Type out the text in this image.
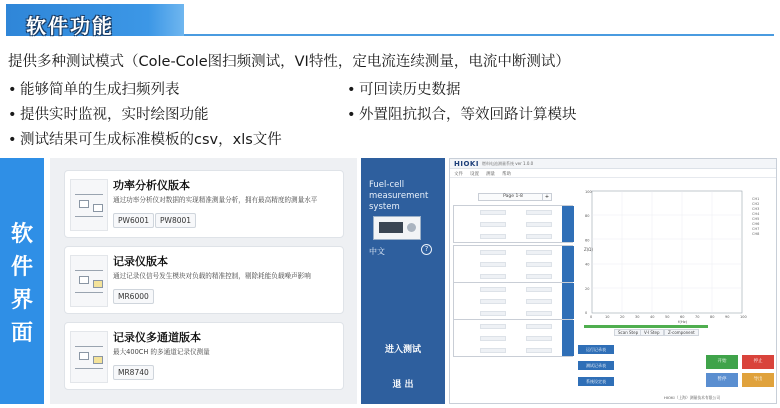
软件功能
提供多种测试模式（Cole-Cole图扫频测试，VI特性，定电流连续测量，电流中断测试）
• 能够简单的生成扫频列表
• 提供实时监视，实时绘图功能
• 测试结果可生成标准模板的csv，xls文件
• 可回读历史数据
• 外置阻抗拟合，等效回路计算模块
软
件
界
面
功率分析仪版本
通过功率分析仪对数据的实现精准测量分析，拥有最高精度的测量水平
PW6001	PW8001
记录仪版本
通过记录仪信号发生模块对负载的精准控制，剔除耗能负载噪声影响
MR6000
记录仪多通道版本
最大400CH 的多通道记录仪测量
MR8740
Fuel-cell
measurement
system
中文	?
进入测试
退 出
HIOKI 燃料电池测量系统 ver 1.0.0
文件 设置 测量 帮助
Page 1-8	+
Z(Ω)
100
80
60
40
20
0
0	10	20	30	40	50	60	70	80	90	100
CH1
CH2
CH3
CH4
CH5
CH6
CH7
CH8
f(Hz)
Scan Step	V-I Step	Z-component
运行记录表
测试记录表
系统设定表
开始	停止
暂停	导出
HIOKI（上海）测量技术有限公司
